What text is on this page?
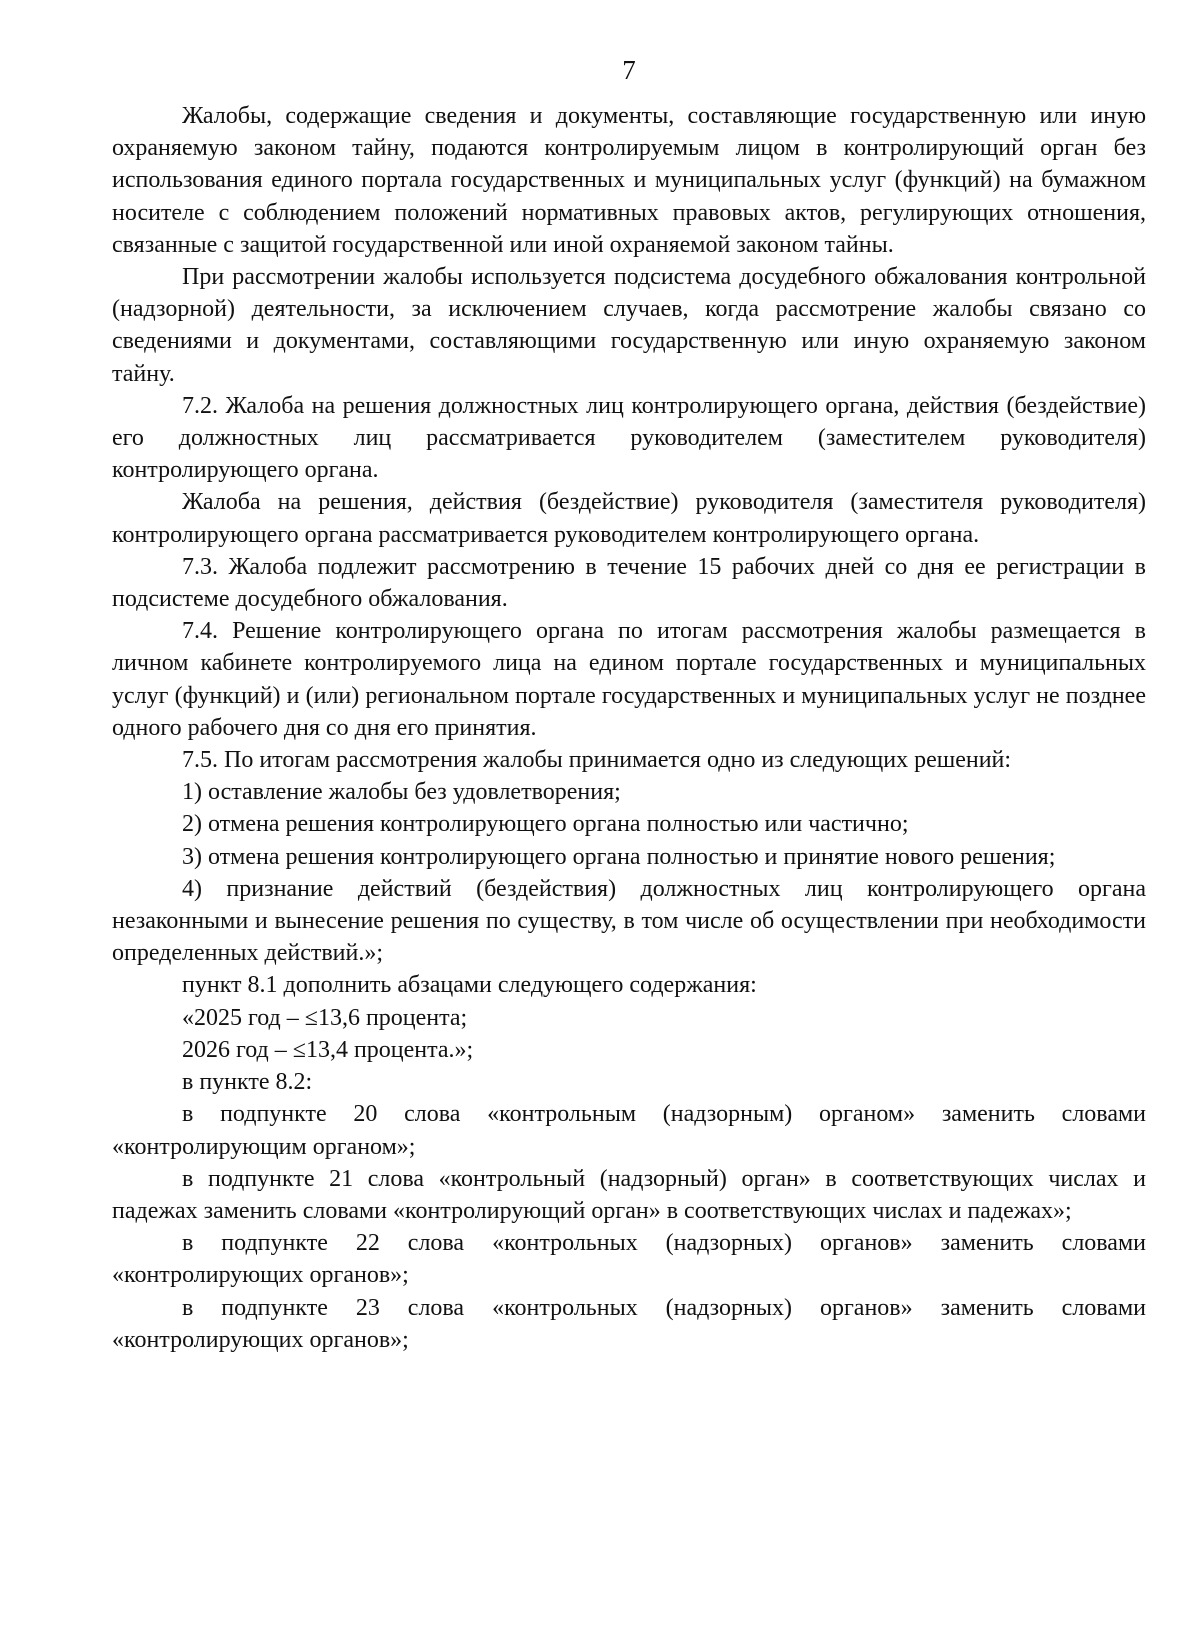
7

Жалобы, содержащие сведения и документы, составляющие государственную или иную охраняемую законом тайну, подаются контролируемым лицом в контролирующий орган без использования единого портала государственных и муниципальных услуг (функций) на бумажном носителе с соблюдением положений нормативных правовых актов, регулирующих отношения, связанные с защитой государственной или иной охраняемой законом тайны.

При рассмотрении жалобы используется подсистема досудебного обжалования контрольной (надзорной) деятельности, за исключением случаев, когда рассмотрение жалобы связано со сведениями и документами, составляющими государственную или иную охраняемую законом тайну.

7.2. Жалоба на решения должностных лиц контролирующего органа, действия (бездействие) его должностных лиц рассматривается руководителем (заместителем руководителя) контролирующего органа.

Жалоба на решения, действия (бездействие) руководителя (заместителя руководителя) контролирующего органа рассматривается руководителем контролирующего органа.

7.3. Жалоба подлежит рассмотрению в течение 15 рабочих дней со дня ее регистрации в подсистеме досудебного обжалования.

7.4. Решение контролирующего органа по итогам рассмотрения жалобы размещается в личном кабинете контролируемого лица на едином портале государственных и муниципальных услуг (функций) и (или) региональном портале государственных и муниципальных услуг не позднее одного рабочего дня со дня его принятия.

7.5. По итогам рассмотрения жалобы принимается одно из следующих решений:

1) оставление жалобы без удовлетворения;

2) отмена решения контролирующего органа полностью или частично;

3) отмена решения контролирующего органа полностью и принятие нового решения;

4) признание действий (бездействия) должностных лиц контролирующего органа незаконными и вынесение решения по существу, в том числе об осуществлении при необходимости определенных действий.»;

пункт 8.1 дополнить абзацами следующего содержания:

«2025 год – ≤13,6 процента;

2026 год – ≤13,4 процента.»;

в пункте 8.2:

в подпункте 20 слова «контрольным (надзорным) органом» заменить словами «контролирующим органом»;

в подпункте 21 слова «контрольный (надзорный) орган» в соответствующих числах и падежах заменить словами «контролирующий орган» в соответствующих числах и падежах»;

в подпункте 22 слова «контрольных (надзорных) органов» заменить словами «контролирующих органов»;

в подпункте 23 слова «контрольных (надзорных) органов» заменить словами «контролирующих органов»;
